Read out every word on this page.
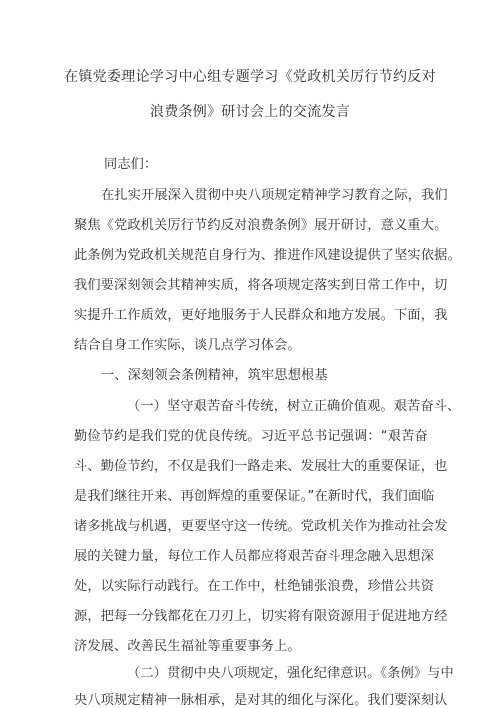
在镇党委理论学习中心组专题学习《党政机关厉行节约反对
浪费条例》研讨会上的交流发言
同志们：
在扎实开展深入贯彻中央八项规定精神学习教育之际，我们
聚焦《党政机关厉行节约反对浪费条例》展开研讨，意义重大。
此条例为党政机关规范自身行为、推进作风建设提供了坚实依据。
我们要深刻领会其精神实质，将各项规定落实到日常工作中，切
实提升工作质效，更好地服务于人民群众和地方发展。下面，我
结合自身工作实际，谈几点学习体会。
一、深刻领会条例精神，筑牢思想根基
（一）坚守艰苦奋斗传统，树立正确价值观。艰苦奋斗、
勤俭节约是我们党的优良传统。习近平总书记强调：“艰苦奋
斗、勤俭节约，不仅是我们一路走来、发展壮大的重要保证，也
是我们继往开来、再创辉煌的重要保证。”在新时代，我们面临
诸多挑战与机遇，更要坚守这一传统。党政机关作为推动社会发
展的关键力量，每位工作人员都应将艰苦奋斗理念融入思想深
处，以实际行动践行。在工作中，杜绝铺张浪费，珍惜公共资
源，把每一分钱都花在刀刃上，切实将有限资源用于促进地方经
济发展、改善民生福祉等重要事务上。
（二）贯彻中央八项规定，强化纪律意识。《条例》与中
央八项规定精神一脉相承，是对其的细化与深化。我们要深刻认
